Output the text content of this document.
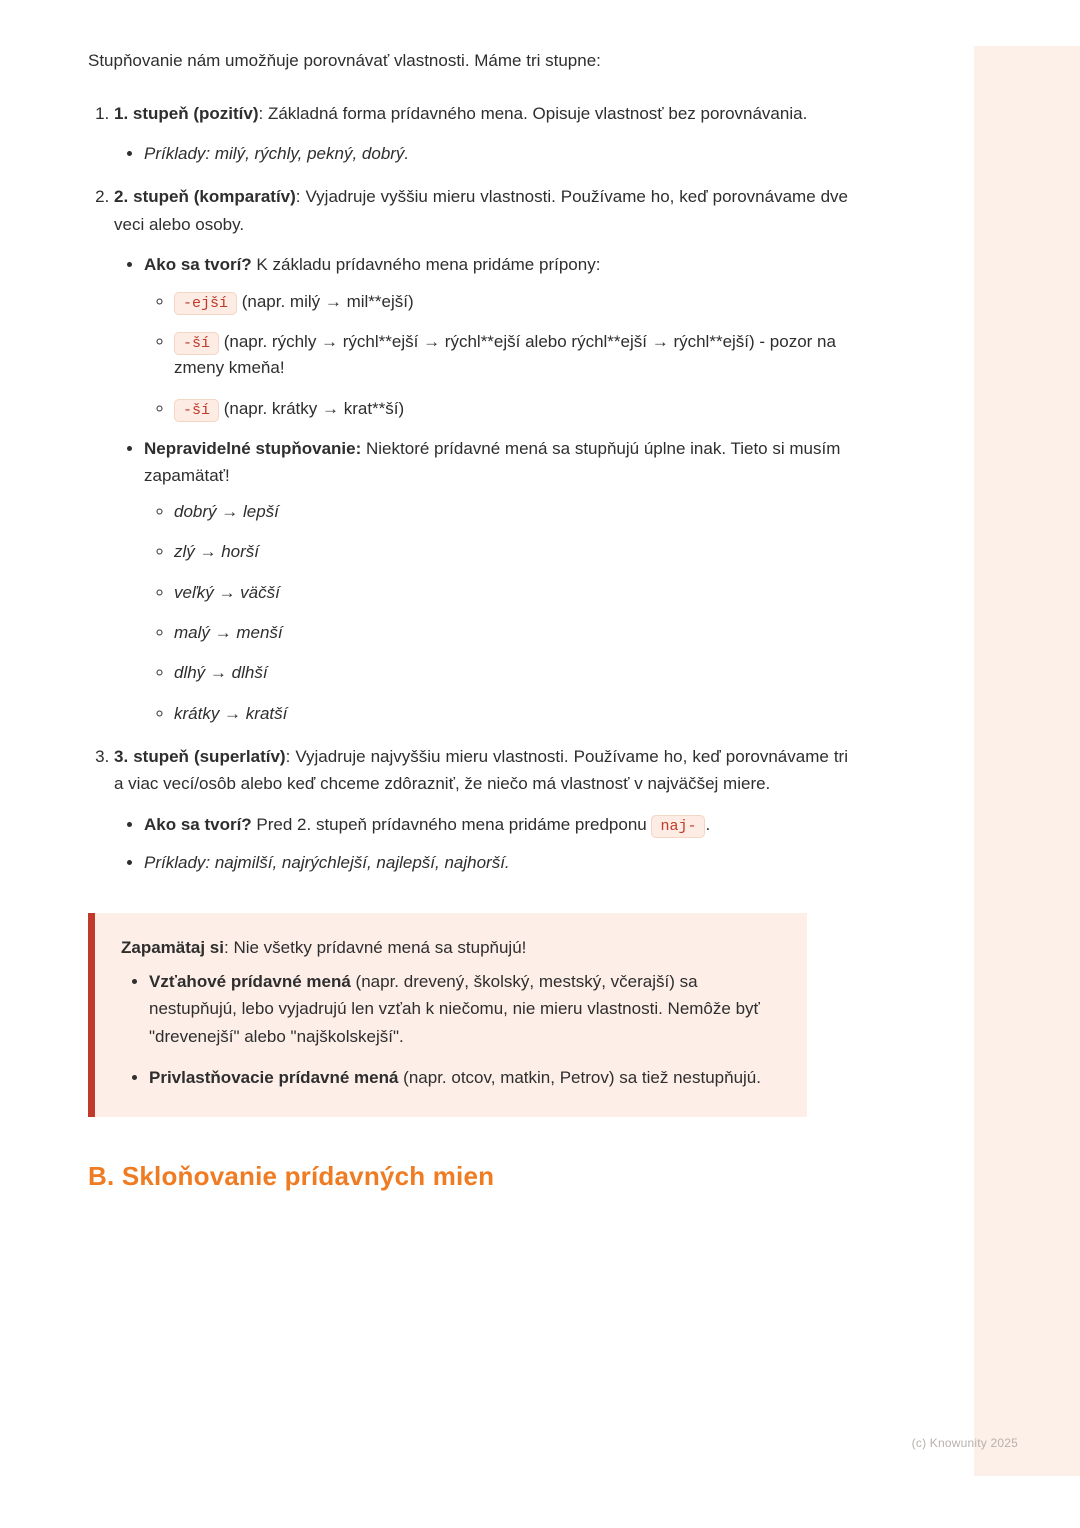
Stupňovanie nám umožňuje porovnávať vlastnosti. Máme tri stupne:

1. 1. stupeň (pozitív): Základná forma prídavného mena. Opisuje vlastnosť bez porovnávania.
• Príklady: milý, rýchly, pekný, dobrý.
2. 2. stupeň (komparatív): Vyjadruje vyššiu mieru vlastnosti. Používame ho, keď porovnávame dve veci alebo osoby.
• Ako sa tvorí? K základu prídavného mena pridáme prípony:
◦ -ejší (napr. milý → mil**ejší)
◦ -ší (napr. rýchly → rýchl**ejší → rýchl**ejší alebo rýchl**ejší → rýchl**ejší) - pozor na zmeny kmeňa!
◦ -ší (napr. krátky → krat**ší)
• Nepravidelné stupňovanie: Niektoré prídavné mená sa stupňujú úplne inak. Tieto si musím zapamätať!
◦ dobrý → lepší
◦ zlý → horší
◦ veľký → väčší
◦ malý → menší
◦ dlhý → dlhší
◦ krátky → kratší
3. 3. stupeň (superlatív): Vyjadruje najvyššiu mieru vlastnosti. Používame ho, keď porovnávame tri a viac vecí/osôb alebo keď chceme zdôrazniť, že niečo má vlastnosť v najväčšej miere.
• Ako sa tvorí? Pred 2. stupeň prídavného mena pridáme predponu naj- .
• Príklady: najmilší, najrýchlejší, najlepší, najhorší.

Zapamätaj si: Nie všetky prídavné mená sa stupňujú!

• Vzťahové prídavné mená (napr. drevený, školský, mestský, včerajší) sa nestupňujú, lebo vyjadrujú len vzťah k niečomu, nie mieru vlastnosti. Nemôže byť "drevenejší" alebo "najškolskejší".
• Privlastňovacie prídavné mená (napr. otcov, matkin, Petrov) sa tiež nestupňujú.
B. Skloňovanie prídavných mien
(c) Knowunity 2025
